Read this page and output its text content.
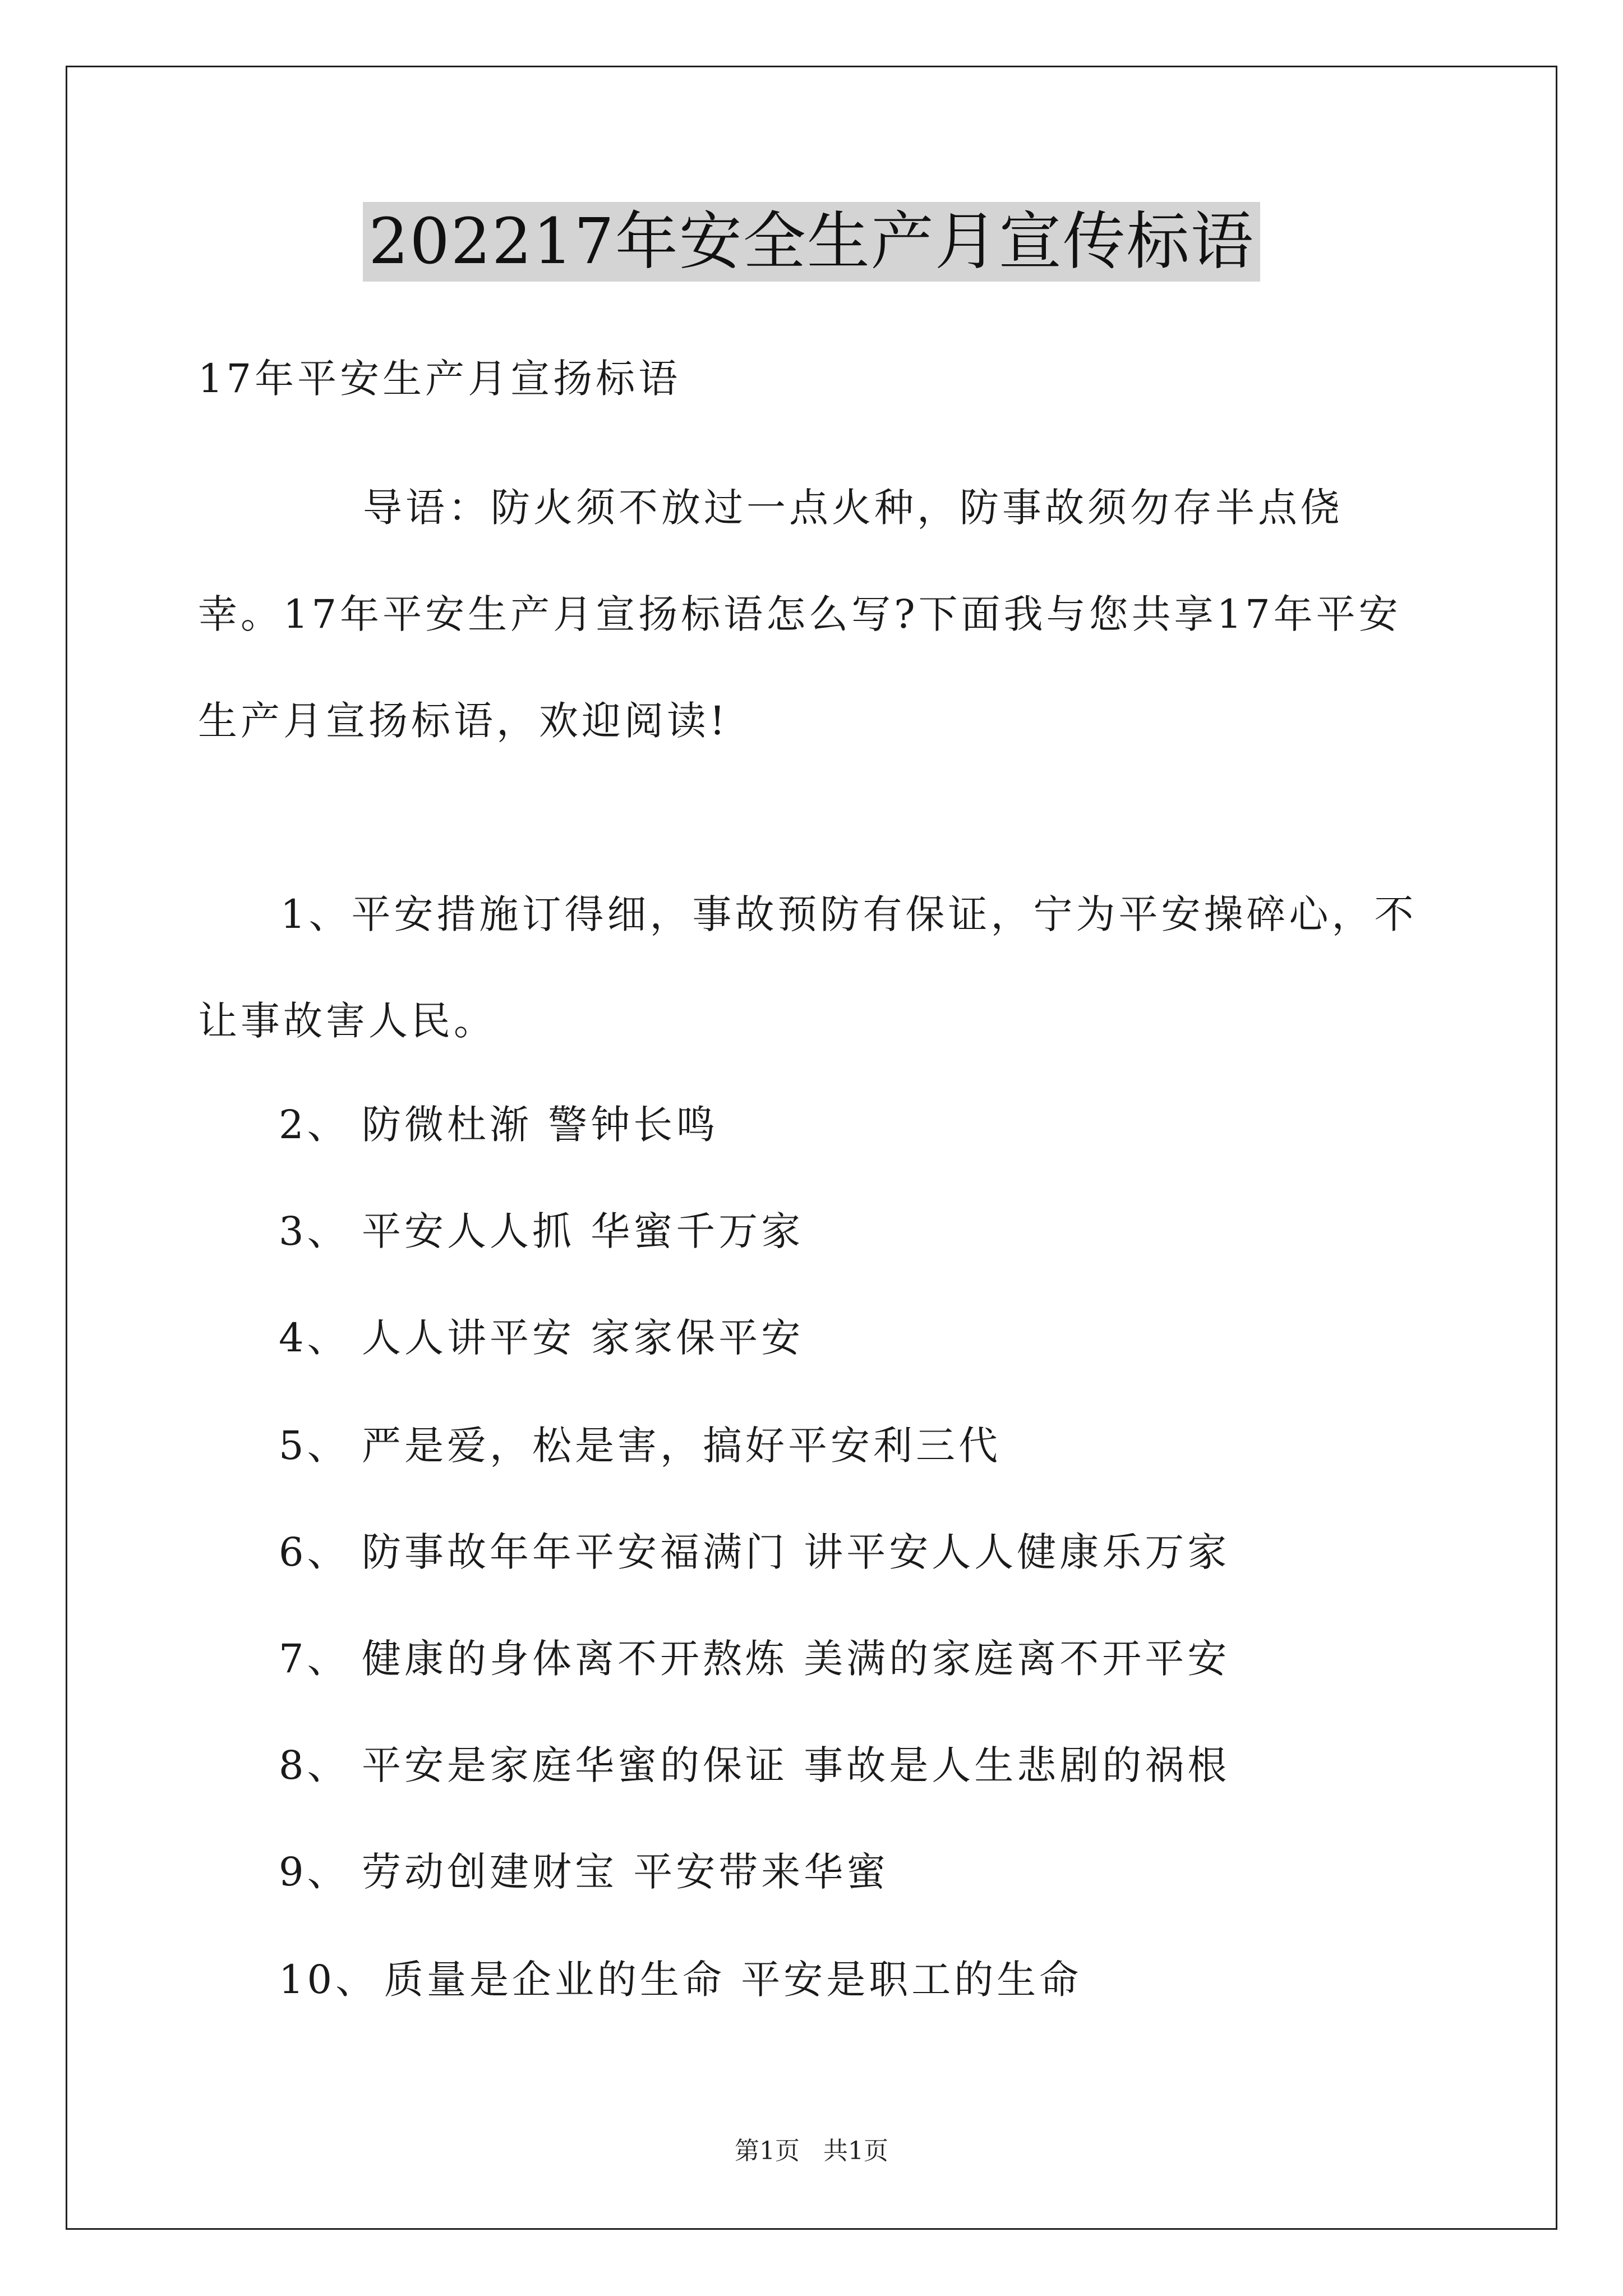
202217年安全生产月宣传标语
17年平安生产月宣扬标语
导语：防火须不放过一点火种，防事故须勿存半点侥幸。17年平安生产月宣扬标语怎么写?下面我与您共享17年平安生产月宣扬标语，欢迎阅读!
1、平安措施订得细，事故预防有保证，宁为平安操碎心，不让事故害人民。
2、 防微杜渐 警钟长鸣
3、 平安人人抓 华蜜千万家
4、 人人讲平安 家家保平安
5、 严是爱，松是害，搞好平安利三代
6、 防事故年年平安福满门 讲平安人人健康乐万家
7、 健康的身体离不开熬炼 美满的家庭离不开平安
8、 平安是家庭华蜜的保证 事故是人生悲剧的祸根
9、 劳动创建财宝 平安带来华蜜
10、 质量是企业的生命 平安是职工的生命
第1页   共1页
